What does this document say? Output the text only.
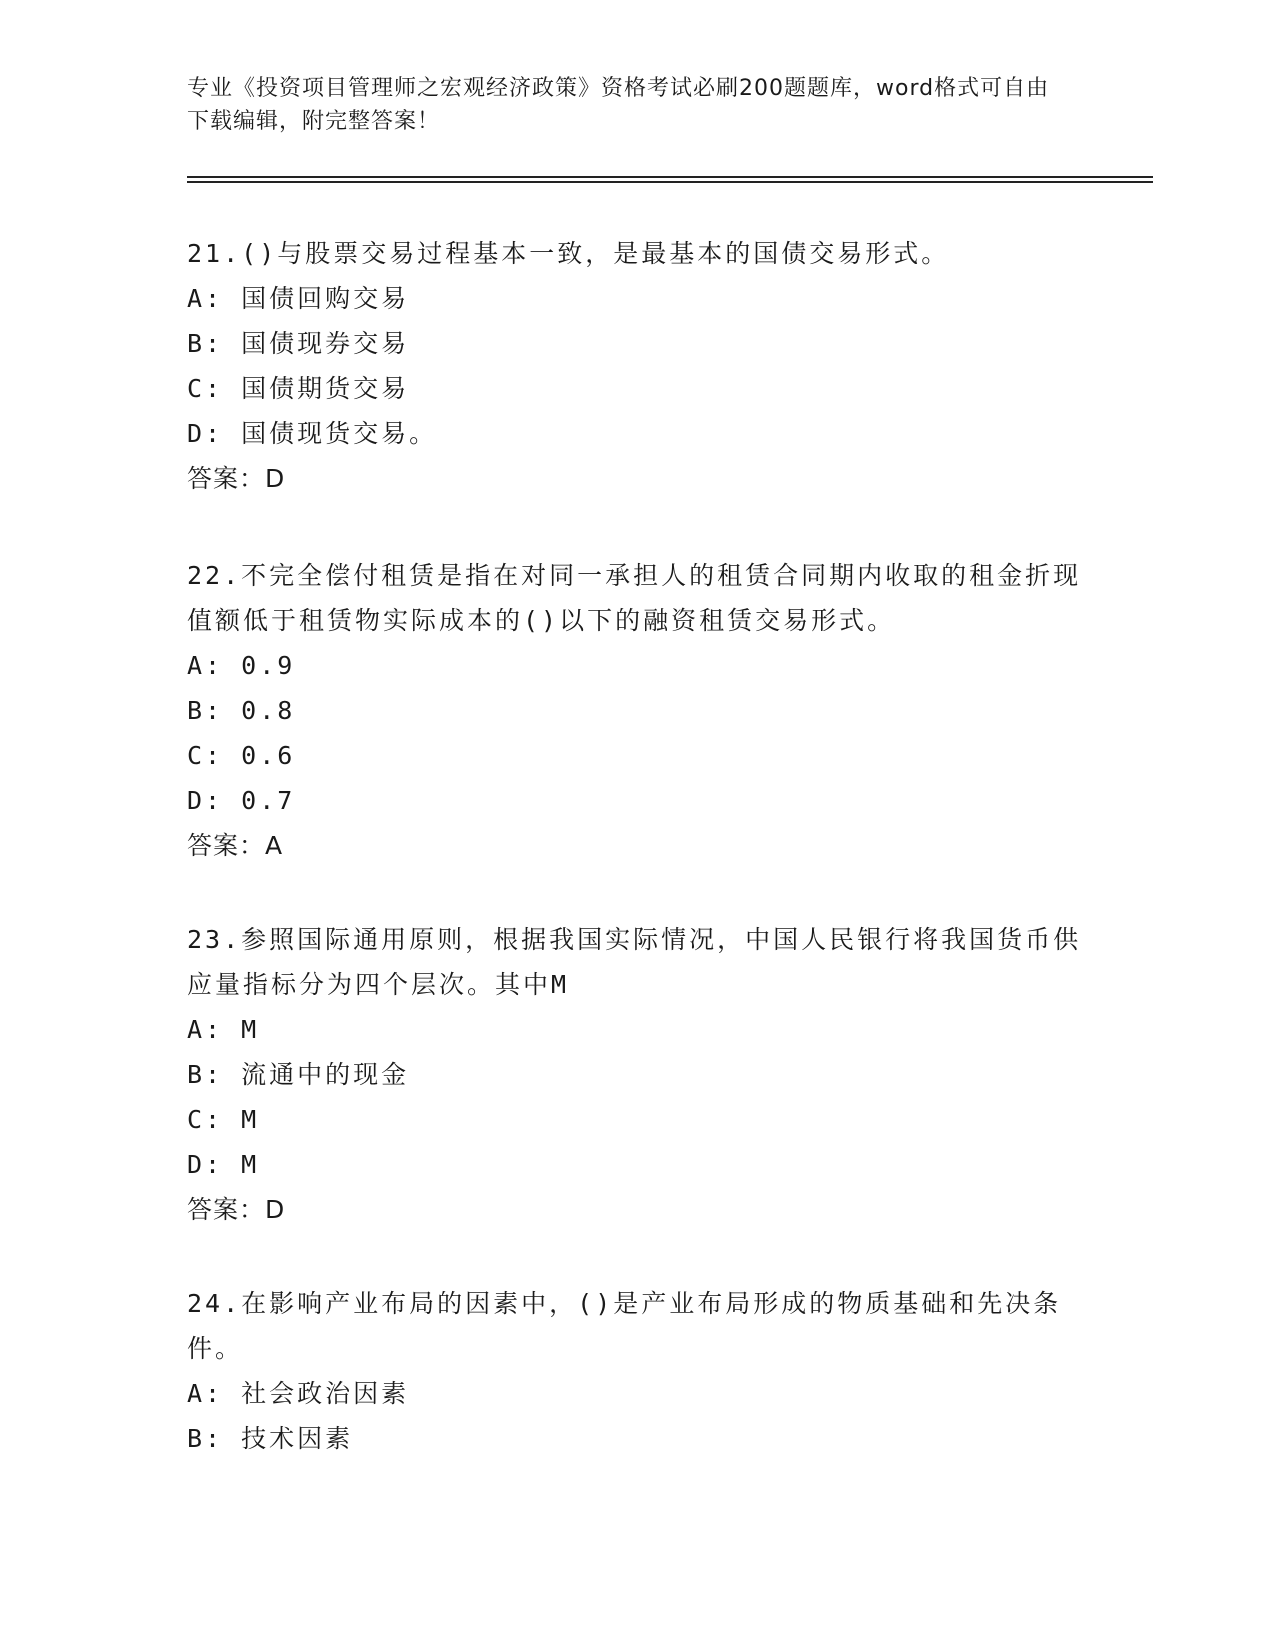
专业《投资项目管理师之宏观经济政策》资格考试必刷200题题库，word格式可自由下载编辑，附完整答案！

21.()与股票交易过程基本一致，是最基本的国债交易形式。

A: 国债回购交易

B: 国债现券交易

C: 国债期货交易

D: 国债现货交易。

答案：D

22.不完全偿付租赁是指在对同一承担人的租赁合同期内收取的租金折现值额低于租赁物实际成本的()以下的融资租赁交易形式。

A: 0.9

B: 0.8

C: 0.6

D: 0.7

答案：A

23.参照国际通用原则，根据我国实际情况，中国人民银行将我国货币供应量指标分为四个层次。其中M

A: M

B: 流通中的现金

C: M

D: M

答案：D

24.在影响产业布局的因素中，()是产业布局形成的物质基础和先决条件。

A: 社会政治因素

B: 技术因素
